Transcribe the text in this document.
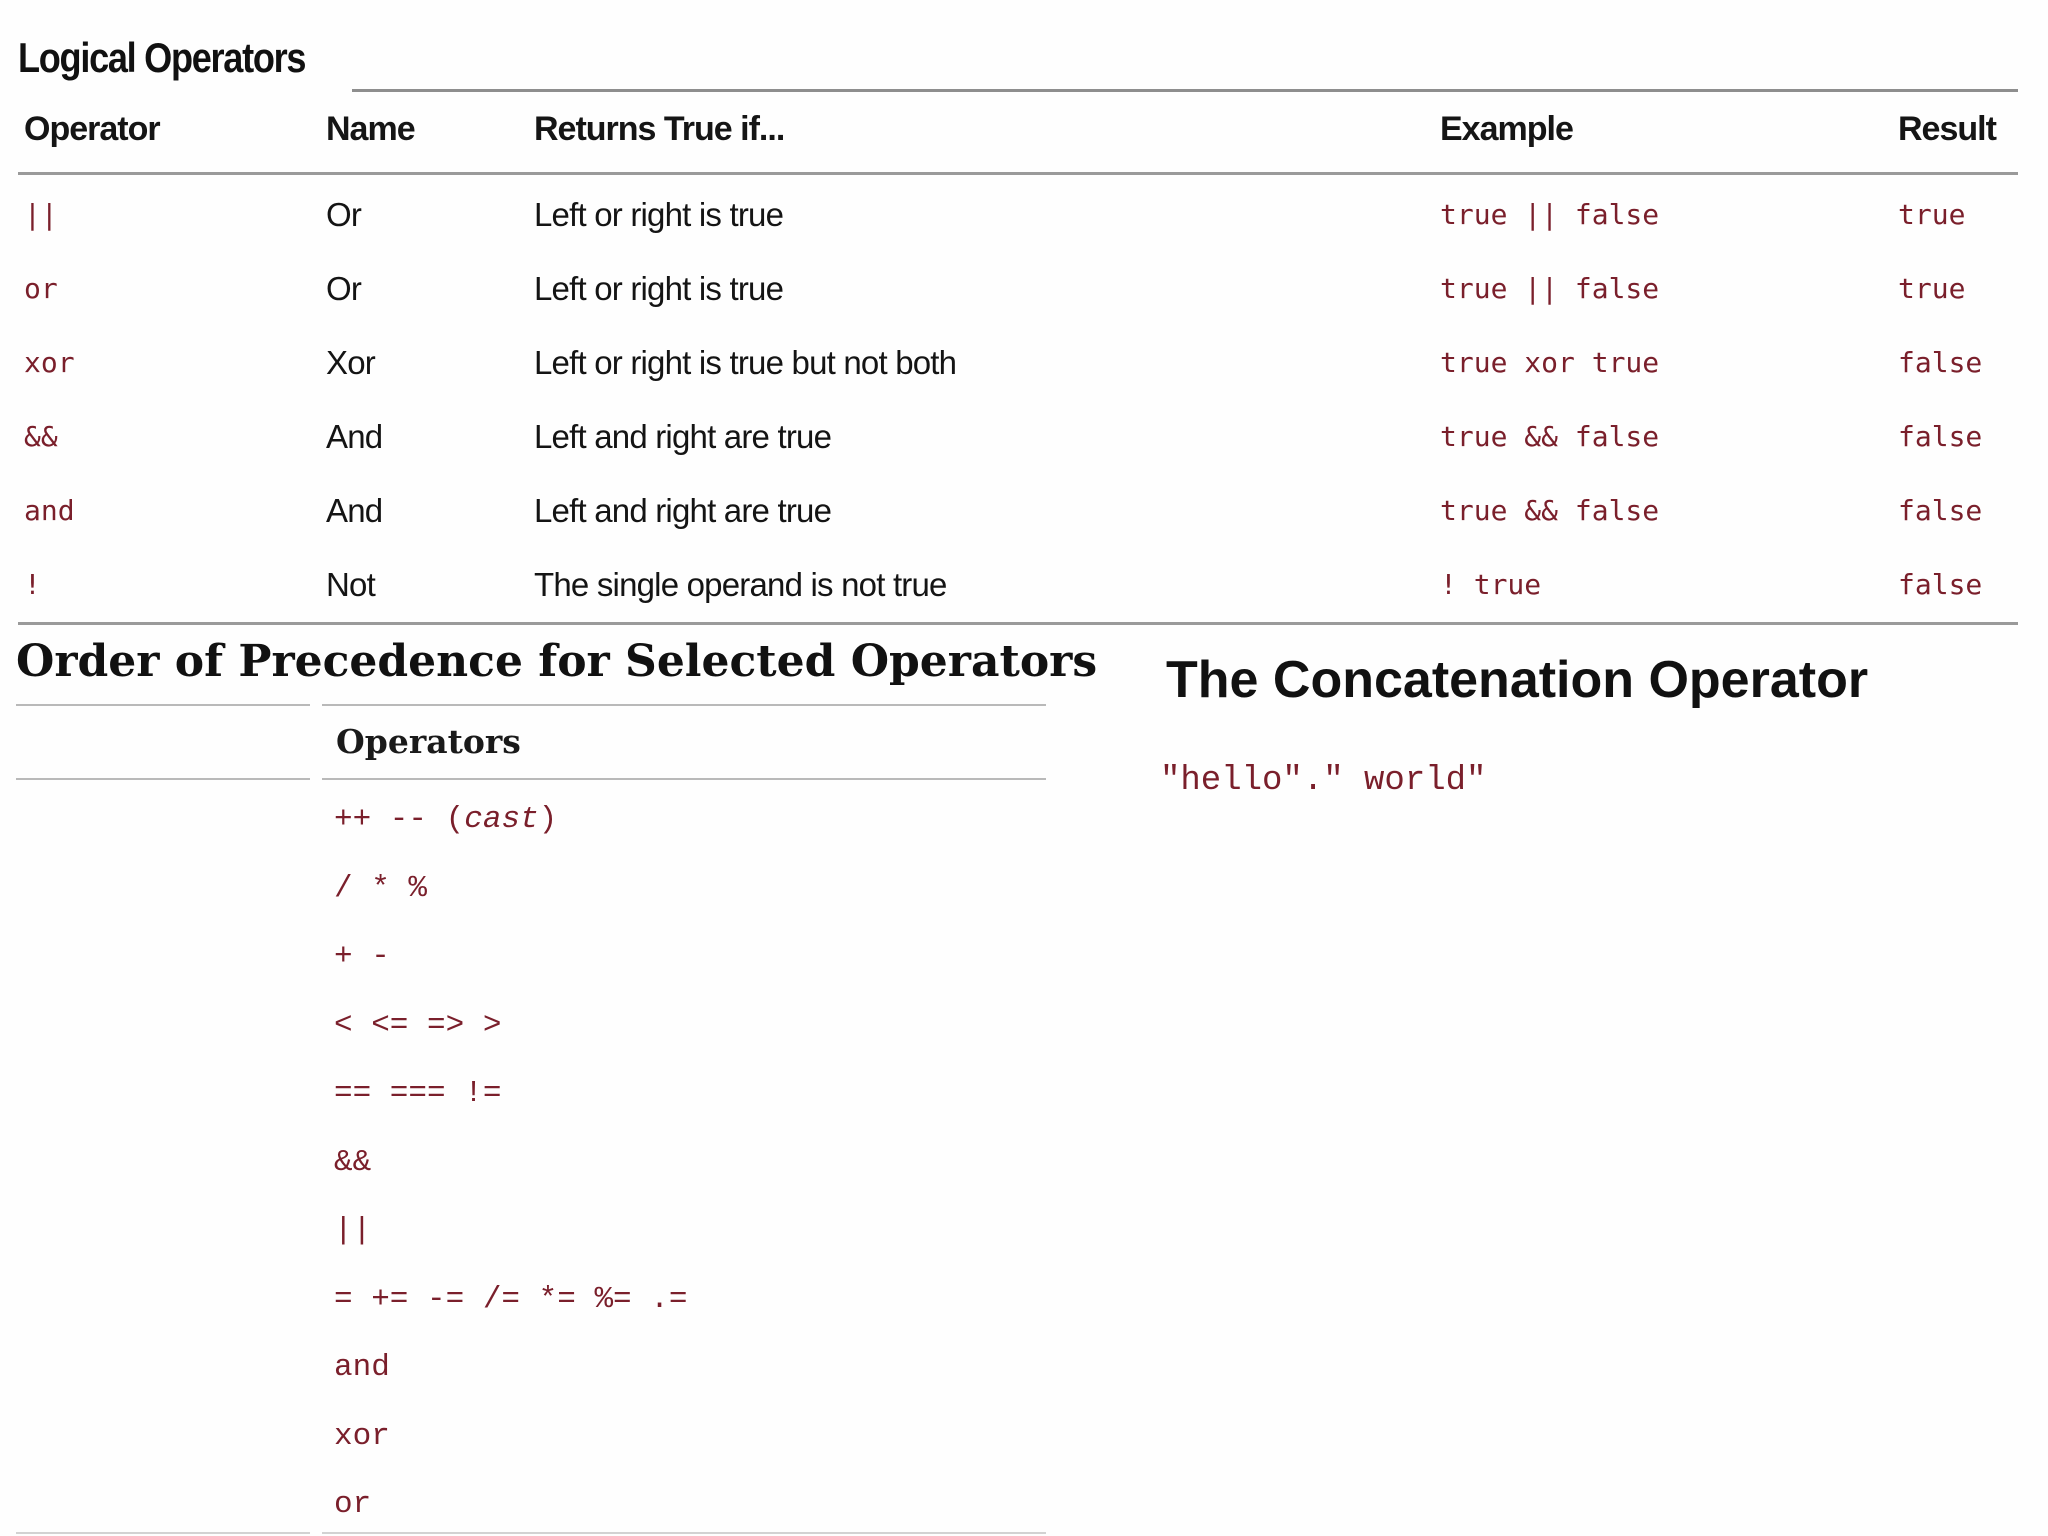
Logical Operators
Operator	Name	Returns True if...	Example	Result
||	Or	Left or right is true	true || false	true
or	Or	Left or right is true	true || false	true
xor	Xor	Left or right is true but not both	true xor true	false
&&	And	Left and right are true	true && false	false
and	And	Left and right are true	true && false	false
!	Not	The single operand is not true	! true	false
Order of Precedence for Selected Operators
Operators
++ -- (cast)
/ * %
+ -
< <= => >
== === !=
&&
||
= += -= /= *= %= .=
and
xor
or
The Concatenation Operator
"hello"." world"
